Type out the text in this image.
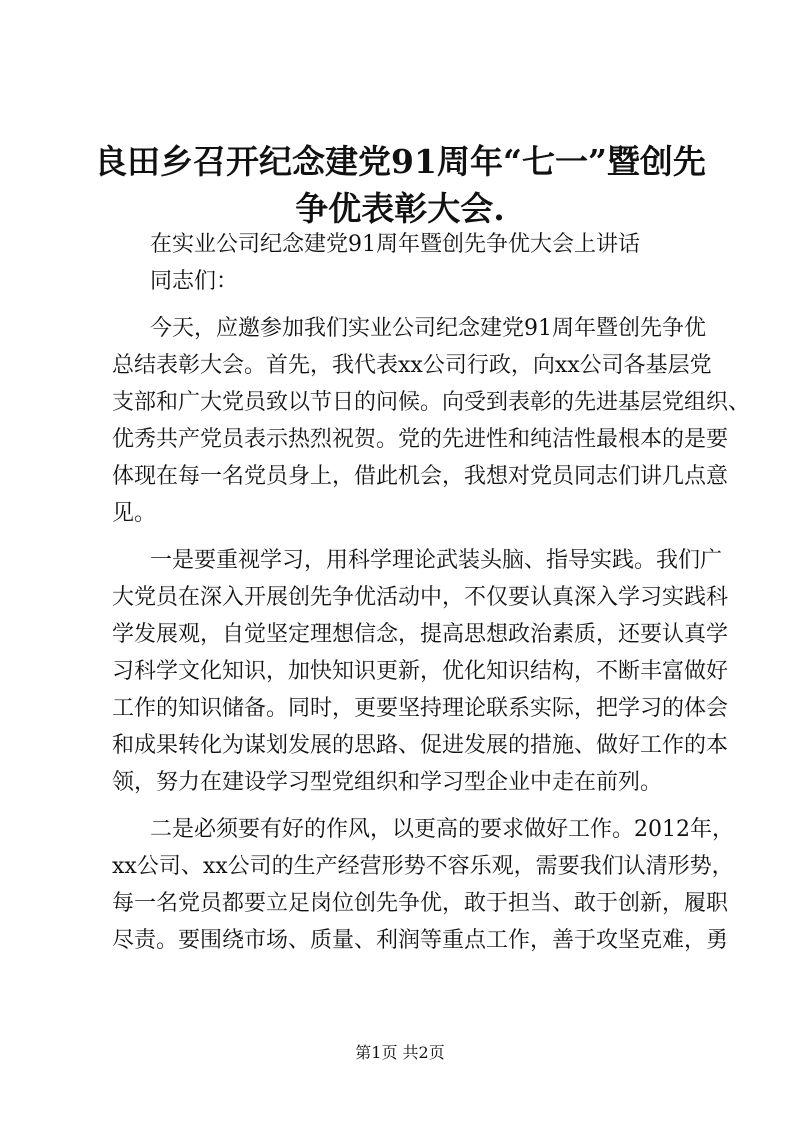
良田乡召开纪念建党91周年“七一”暨创先
争优表彰大会.

在实业公司纪念建党91周年暨创先争优大会上讲话

同志们：

今天，应邀参加我们实业公司纪念建党91周年暨创先争优

总结表彰大会。首先，我代表xx公司行政，向xx公司各基层党

支部和广大党员致以节日的问候。向受到表彰的先进基层党组织、

优秀共产党员表示热烈祝贺。党的先进性和纯洁性最根本的是要

体现在每一名党员身上，借此机会，我想对党员同志们讲几点意

见。

一是要重视学习，用科学理论武装头脑、指导实践。我们广

大党员在深入开展创先争优活动中，不仅要认真深入学习实践科

学发展观，自觉坚定理想信念，提高思想政治素质，还要认真学

习科学文化知识，加快知识更新，优化知识结构，不断丰富做好

工作的知识储备。同时，更要坚持理论联系实际，把学习的体会

和成果转化为谋划发展的思路、促进发展的措施、做好工作的本

领，努力在建设学习型党组织和学习型企业中走在前列。

二是必须要有好的作风，以更高的要求做好工作。2012年，

xx公司、xx公司的生产经营形势不容乐观，需要我们认清形势，

每一名党员都要立足岗位创先争优，敢于担当、敢于创新，履职

尽责。要围绕市场、质量、利润等重点工作，善于攻坚克难，勇

第1页 共2页
